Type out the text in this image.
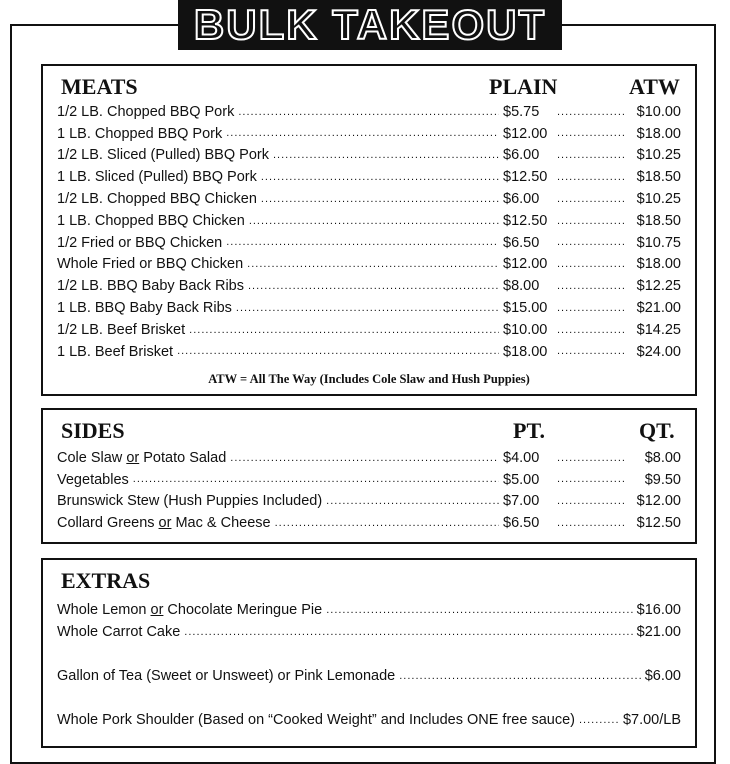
BULK TAKEOUT
MEATS	PLAIN	ATW
1/2 LB. Chopped BBQ Pork .....	$5.75 .....	$10.00
1 LB. Chopped BBQ Pork .....	$12.00 .....	$18.00
1/2 LB. Sliced (Pulled) BBQ Pork .....	$6.00 .....	$10.25
1 LB. Sliced (Pulled) BBQ Pork .....	$12.50 .....	$18.50
1/2 LB. Chopped BBQ Chicken .....	$6.00 .....	$10.25
1 LB. Chopped BBQ Chicken .....	$12.50 .....	$18.50
1/2 Fried or BBQ Chicken .....	$6.50 .....	$10.75
Whole Fried or BBQ Chicken .....	$12.00 .....	$18.00
1/2 LB. BBQ Baby Back Ribs .....	$8.00 .....	$12.25
1 LB. BBQ Baby Back Ribs .....	$15.00 .....	$21.00
1/2 LB. Beef Brisket .....	$10.00 .....	$14.25
1 LB. Beef Brisket .....	$18.00 .....	$24.00
ATW = All The Way (Includes Cole Slaw and Hush Puppies)
SIDES	PT.	QT.
Cole Slaw or Potato Salad .....	$4.00 .....	$8.00
Vegetables .....	$5.00 .....	$9.50
Brunswick Stew (Hush Puppies Included) .....	$7.00 .....	$12.00
Collard Greens or Mac & Cheese .....	$6.50 .....	$12.50
EXTRAS
Whole Lemon or Chocolate Meringue Pie .....	$16.00
Whole Carrot Cake .....	$21.00
Gallon of Tea (Sweet or Unsweet) or Pink Lemonade .....	$6.00
Whole Pork Shoulder (Based on “Cooked Weight” and Includes ONE free sauce) .....	$7.00/LB
